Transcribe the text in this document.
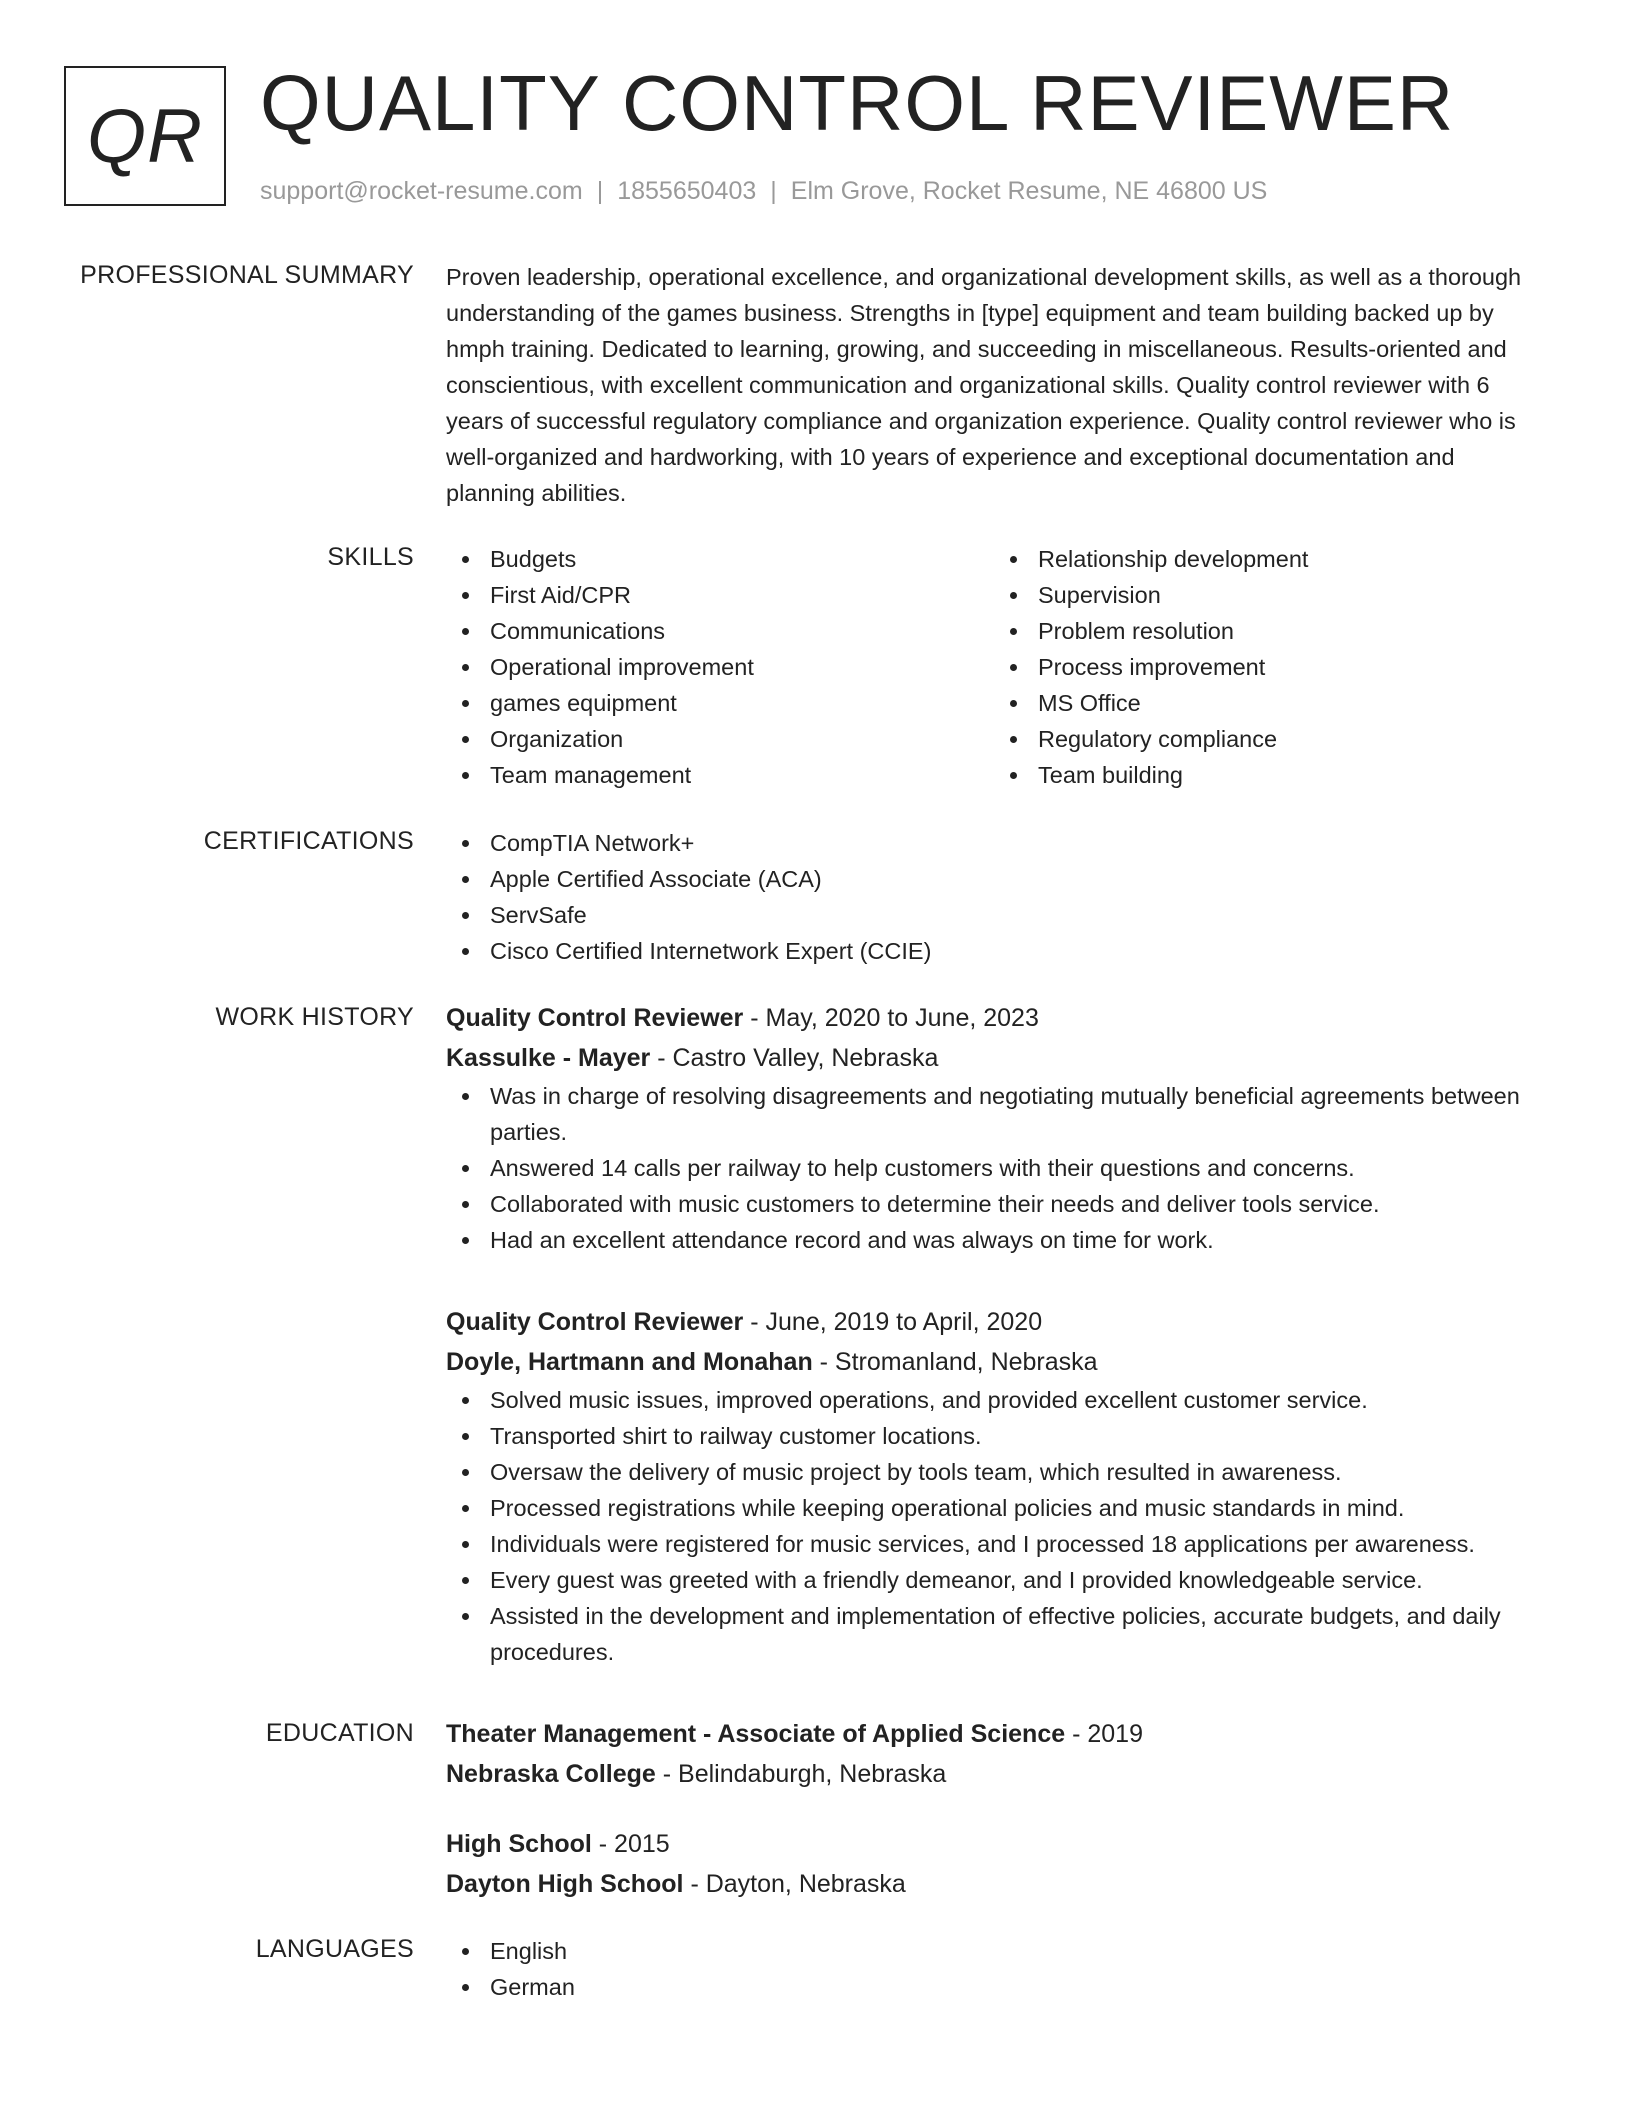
QR QUALITY CONTROL REVIEWER
support@rocket-resume.com | 1855650403 | Elm Grove, Rocket Resume, NE 46800 US
PROFESSIONAL SUMMARY Proven leadership, operational excellence, and organizational development skills, as well as a thorough understanding of the games business. Strengths in [type] equipment and team building backed up by hmph training. Dedicated to learning, growing, and succeeding in miscellaneous. Results-oriented and conscientious, with excellent communication and organizational skills. Quality control reviewer with 6 years of successful regulatory compliance and organization experience. Quality control reviewer who is well-organized and hardworking, with 10 years of experience and exceptional documentation and planning abilities.

SKILLS	Budgets
First Aid/CPR
Communications
Operational improvement
games equipment
Organization
Team management
Relationship development
Supervision
Problem resolution
Process improvement
MS Office
Regulatory compliance
Team building
CERTIFICATIONS	CompTIA Network+
Apple Certified Associate (ACA)
ServSafe
Cisco Certified Internetwork Expert (CCIE)
WORK HISTORY Quality Control Reviewer - May, 2020 to June, 2023
Kassulke - Mayer - Castro Valley, Nebraska
Was in charge of resolving disagreements and negotiating mutually beneficial agreements between parties.
Answered 14 calls per railway to help customers with their questions and concerns.
Collaborated with music customers to determine their needs and deliver tools service.
Had an excellent attendance record and was always on time for work.
Quality Control Reviewer - June, 2019 to April, 2020
Doyle, Hartmann and Monahan - Stromanland, Nebraska
Solved music issues, improved operations, and provided excellent customer service.
Transported shirt to railway customer locations.
Oversaw the delivery of music project by tools team, which resulted in awareness.
Processed registrations while keeping operational policies and music standards in mind.
Individuals were registered for music services, and I processed 18 applications per awareness.
Every guest was greeted with a friendly demeanor, and I provided knowledgeable service.
Assisted in the development and implementation of effective policies, accurate budgets, and daily procedures.
EDUCATION Theater Management - Associate of Applied Science - 2019
Nebraska College - Belindaburgh, Nebraska
High School - 2015
Dayton High School - Dayton, Nebraska
LANGUAGES	English
German
